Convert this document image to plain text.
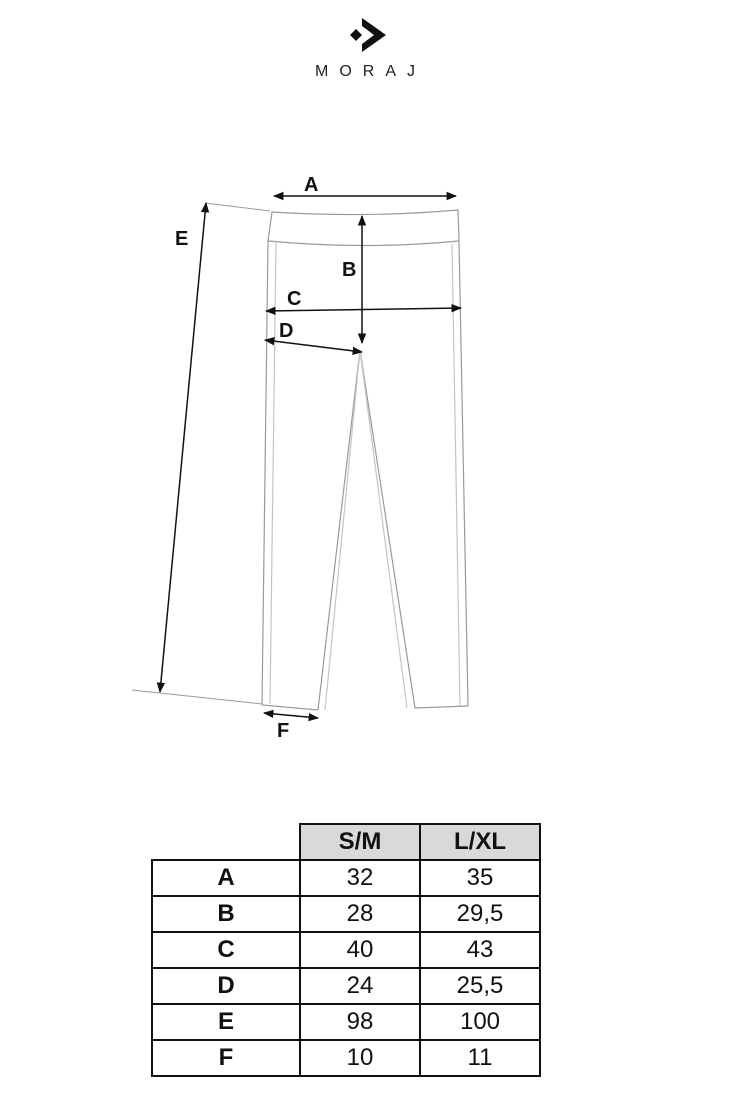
MORAJ
A
B
C
D
E
F
	S/M	L/XL
A	32	35
B	28	29,5
C	40	43
D	24	25,5
E	98	100
F	10	11
